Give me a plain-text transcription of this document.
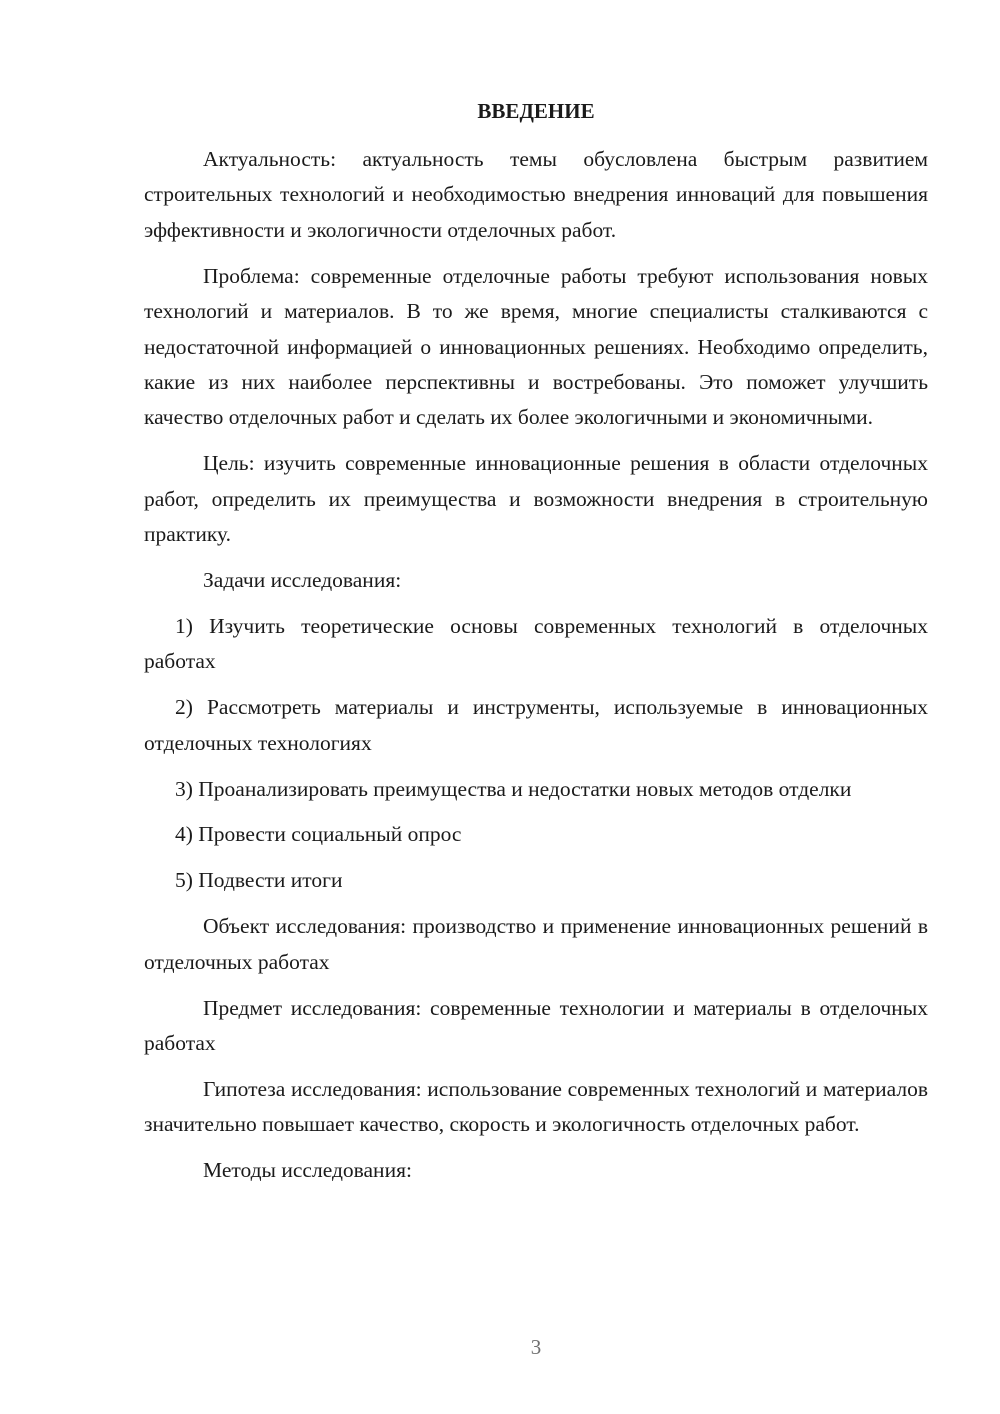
ВВЕДЕНИЕ

Актуальность: актуальность темы обусловлена быстрым развитием строительных технологий и необходимостью внедрения инноваций для повышения эффективности и экологичности отделочных работ.

Проблема: современные отделочные работы требуют использования новых технологий и материалов. В то же время, многие специалисты сталкиваются с недостаточной информацией о инновационных решениях. Необходимо определить, какие из них наиболее перспективны и востребованы. Это поможет улучшить качество отделочных работ и сделать их более экологичными и экономичными.

Цель: изучить современные инновационные решения в области отделочных работ, определить их преимущества и возможности внедрения в строительную практику.

Задачи исследования:

1) Изучить теоретические основы современных технологий в отделочных работах

2) Рассмотреть материалы и инструменты, используемые в инновационных отделочных технологиях

3) Проанализировать преимущества и недостатки новых методов отделки

4) Провести социальный опрос

5) Подвести итоги

Объект исследования: производство и применение инновационных решений в отделочных работах

Предмет исследования: современные технологии и материалы в отделочных работах

Гипотеза исследования: использование современных технологий и материалов значительно повышает качество, скорость и экологичность отделочных работ.

Методы исследования:

3
